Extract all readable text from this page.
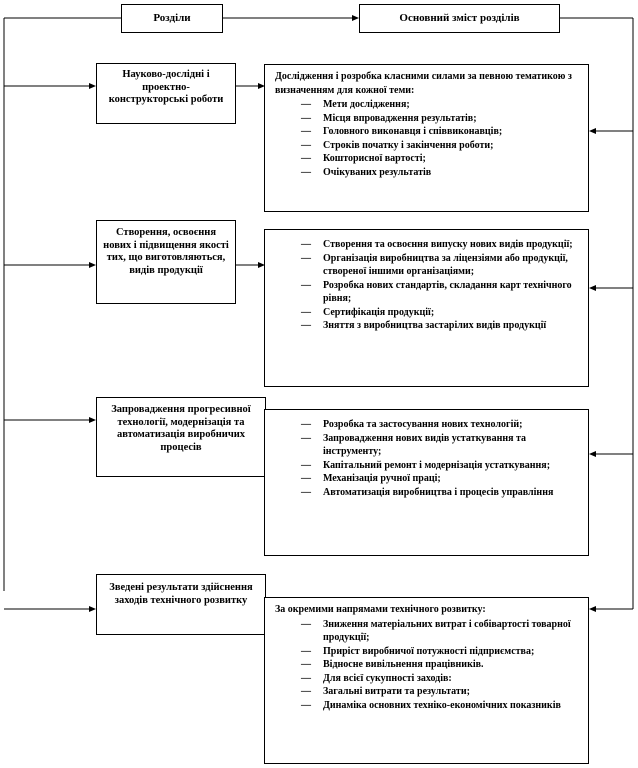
Розділи	Основний зміст розділів
Науково-дослідні і проектно-конструкторські роботи
Дослідження і розробка класними силами за певною тематикою з визначенням для кожної теми:
— Мети дослідження;
— Місця впровадження результатів;
— Головного виконавця і співвиконавців;
— Строків початку і закінчення роботи;
— Кошторисної вартості;
— Очікуваних результатів
Створення, освоєння нових і підвищення якості тих, що виготовляються, видів продукції
— Створення та освоєння випуску нових видів продукції;
— Організація виробництва за ліцензіями або продукції, створеної іншими організаціями;
— Розробка нових стандартів, складання карт технічного рівня;
— Сертифікація продукції;
— Зняття з виробництва застарілих видів продукції
Запровадження прогресивної технології, модернізація та автоматизація виробничих процесів
— Розробка та застосування нових технологій;
— Запровадження нових видів устаткування та інструменту;
— Капітальний ремонт і модернізація устаткування;
— Механізація ручної праці;
— Автоматизація виробництва і процесів управління
Зведені результати здійснення заходів технічного розвитку
За окремими напрямами технічного розвитку:
— Зниження матеріальних витрат і собівартості товарної продукції;
— Приріст виробничої потужності підприємства;
— Відносне вивільнення працівників.
— Для всієї сукупності заходів:
— Загальні витрати та результати;
— Динаміка основних техніко-економічних показників
